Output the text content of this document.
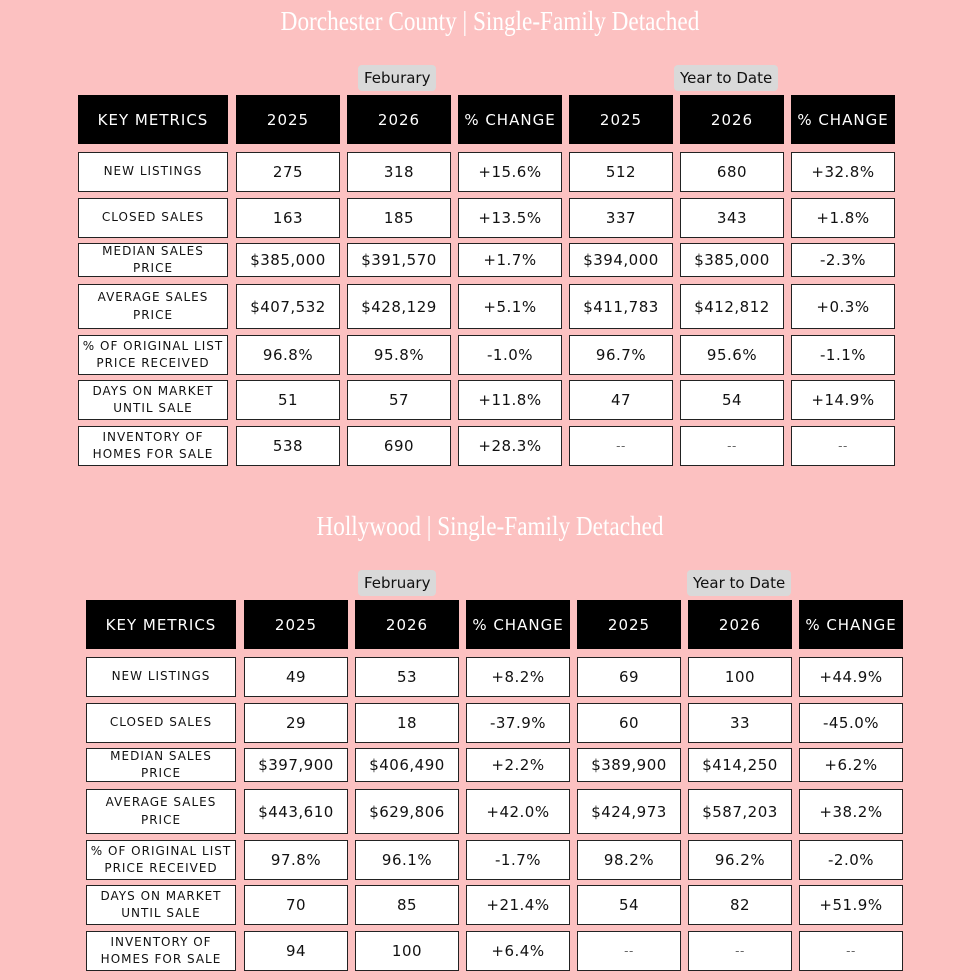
Dorchester County | Single-Family Detached
Feburary	Year to Date
KEY METRICS	2025	2026	% CHANGE	2025	2026	% CHANGE
NEW LISTINGS	275	318	+15.6%	512	680	+32.8%
CLOSED SALES	163	185	+13.5%	337	343	+1.8%
MEDIAN SALES PRICE	$385,000	$391,570	+1.7%	$394,000	$385,000	-2.3%
AVERAGE SALES PRICE	$407,532	$428,129	+5.1%	$411,783	$412,812	+0.3%
% OF ORIGINAL LIST PRICE RECEIVED	96.8%	95.8%	-1.0%	96.7%	95.6%	-1.1%
DAYS ON MARKET UNTIL SALE	51	57	+11.8%	47	54	+14.9%
INVENTORY OF HOMES FOR SALE	538	690	+28.3%	--	--	--
Hollywood | Single-Family Detached
February	Year to Date
KEY METRICS	2025	2026	% CHANGE	2025	2026	% CHANGE
NEW LISTINGS	49	53	+8.2%	69	100	+44.9%
CLOSED SALES	29	18	-37.9%	60	33	-45.0%
MEDIAN SALES PRICE	$397,900	$406,490	+2.2%	$389,900	$414,250	+6.2%
AVERAGE SALES PRICE	$443,610	$629,806	+42.0%	$424,973	$587,203	+38.2%
% OF ORIGINAL LIST PRICE RECEIVED	97.8%	96.1%	-1.7%	98.2%	96.2%	-2.0%
DAYS ON MARKET UNTIL SALE	70	85	+21.4%	54	82	+51.9%
INVENTORY OF HOMES FOR SALE	94	100	+6.4%	--	--	--
